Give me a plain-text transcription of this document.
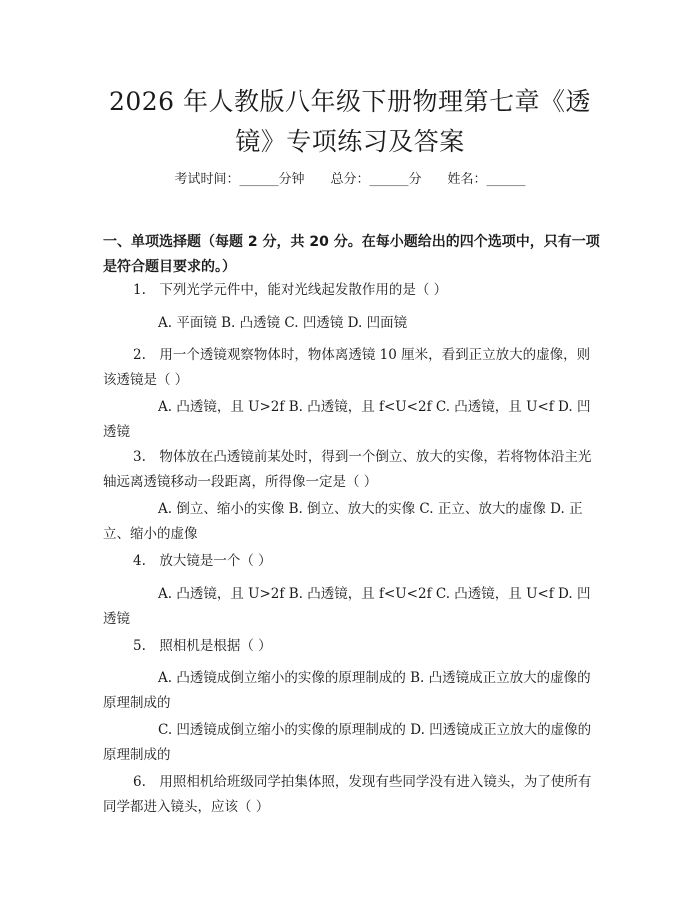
2026 年人教版八年级下册物理第七章《透镜》专项练习及答案
考试时间：______分钟　　总分：______分　　姓名：______

一、单项选择题（每题 2 分，共 20 分。在每小题给出的四个选项中，只有一项是符合题目要求的。）

1.　下列光学元件中，能对光线起发散作用的是（ ）

A. 平面镜 B. 凸透镜 C. 凹透镜 D. 凹面镜

2.　用一个透镜观察物体时，物体离透镜 10 厘米，看到正立放大的虚像，则该透镜是（ ）

A. 凸透镜，且 U>2f B. 凸透镜，且 f<U<2f C. 凸透镜，且 U<f D. 凹透镜

3.　物体放在凸透镜前某处时，得到一个倒立、放大的实像，若将物体沿主光轴远离透镜移动一段距离，所得像一定是（ ）

A. 倒立、缩小的实像 B. 倒立、放大的实像 C. 正立、放大的虚像 D. 正立、缩小的虚像

4.　放大镜是一个（ ）

A. 凸透镜，且 U>2f B. 凸透镜，且 f<U<2f C. 凸透镜，且 U<f D. 凹透镜

5.　照相机是根据（ ）

A. 凸透镜成倒立缩小的实像的原理制成的 B. 凸透镜成正立放大的虚像的原理制成的

C. 凹透镜成倒立缩小的实像的原理制成的 D. 凹透镜成正立放大的虚像的原理制成的

6.　用照相机给班级同学拍集体照，发现有些同学没有进入镜头，为了使所有同学都进入镜头，应该（ ）
